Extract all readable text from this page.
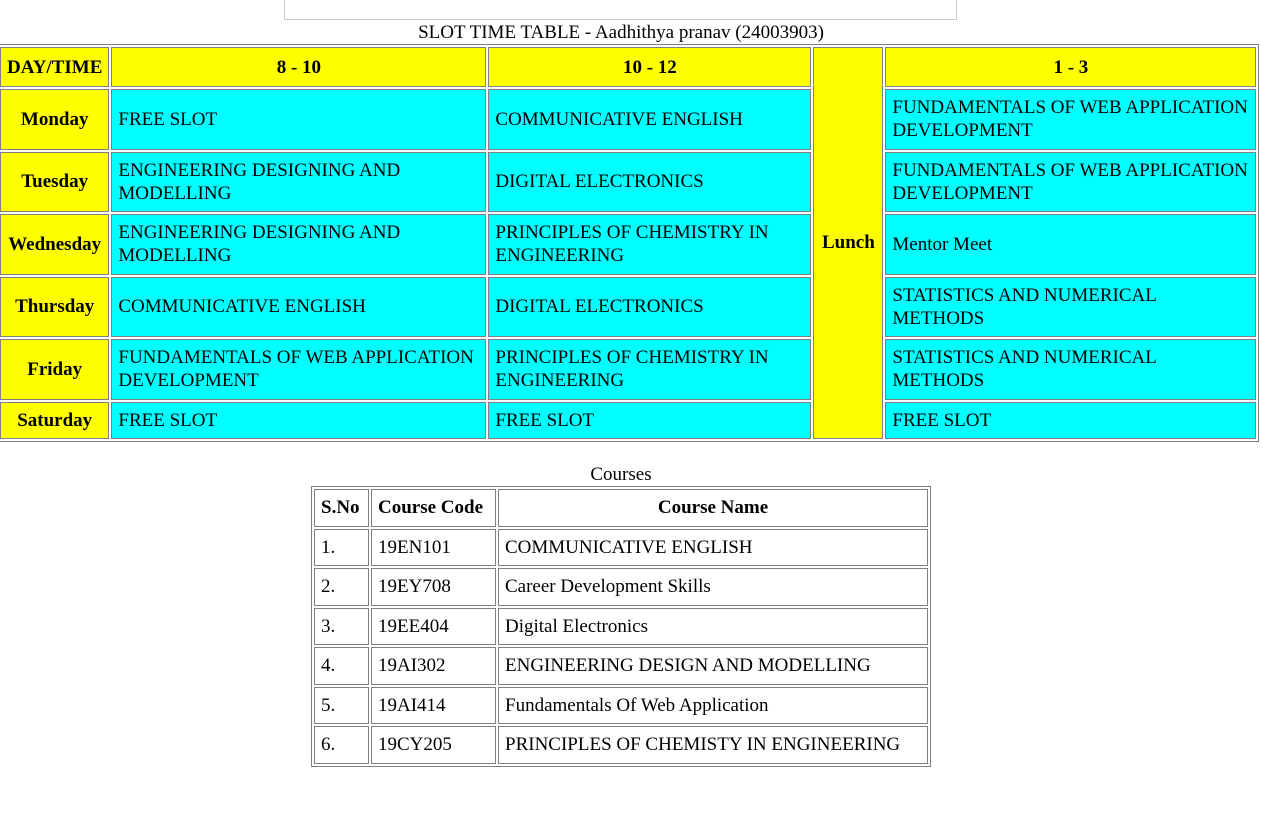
SLOT TIME TABLE - Aadhithya pranav (24003903)
DAY/TIME	8 - 10	10 - 12	Lunch	1 - 3
Monday	FREE SLOT	COMMUNICATIVE ENGLISH		FUNDAMENTALS OF WEB APPLICATION DEVELOPMENT
Tuesday	ENGINEERING DESIGNING AND MODELLING	DIGITAL ELECTRONICS		FUNDAMENTALS OF WEB APPLICATION DEVELOPMENT
Wednesday	ENGINEERING DESIGNING AND MODELLING	PRINCIPLES OF CHEMISTRY IN ENGINEERING		Mentor Meet
Thursday	COMMUNICATIVE ENGLISH	DIGITAL ELECTRONICS		STATISTICS AND NUMERICAL METHODS
Friday	FUNDAMENTALS OF WEB APPLICATION DEVELOPMENT	PRINCIPLES OF CHEMISTRY IN ENGINEERING		STATISTICS AND NUMERICAL METHODS
Saturday	FREE SLOT	FREE SLOT		FREE SLOT
Courses
S.No	Course Code	Course Name
1.	19EN101	COMMUNICATIVE ENGLISH
2.	19EY708	Career Development Skills
3.	19EE404	Digital Electronics
4.	19AI302	ENGINEERING DESIGN AND MODELLING
5.	19AI414	Fundamentals Of Web Application
6.	19CY205	PRINCIPLES OF CHEMISTY IN ENGINEERING
